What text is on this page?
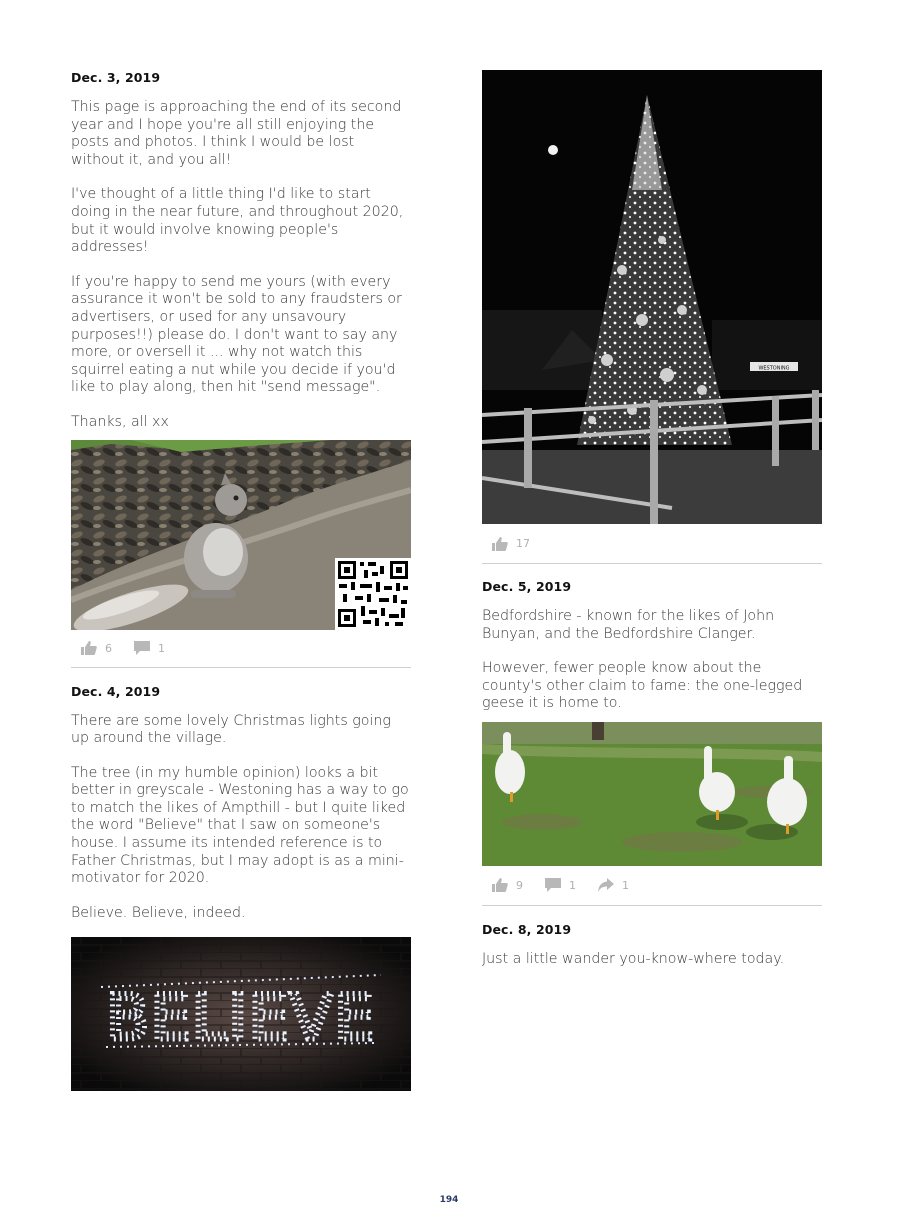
Dec. 3, 2019

This page is approaching the end of its second year and I hope you're all still enjoying the posts and photos. I think I would be lost without it, and you all!

I've thought of a little thing I'd like to start doing in the near future, and throughout 2020, but it would involve knowing people's addresses!

If you're happy to send me yours (with every assurance it won't be sold to any fraudsters or advertisers, or used for any unsavoury purposes!!) please do. I don't want to say any more, or oversell it ... why not watch this squirrel eating a nut while you decide if you'd like to play along, then hit "send message".

Thanks, all xx

6	1
Dec. 4, 2019

There are some lovely Christmas lights going up around the village.

The tree (in my humble opinion) looks a bit better in greyscale - Westoning has a way to go to match the likes of Ampthill - but I quite liked the word "Believe" that I saw on someone's house. I assume its intended reference is to Father Christmas, but I may adopt is as a mini-motivator for 2020.

Believe. Believe, indeed.

BELIEVE
WESTONING
17
Dec. 5, 2019

Bedfordshire - known for the likes of John Bunyan, and the Bedfordshire Clanger.

However, fewer people know about the county's other claim to fame: the one-legged geese it is home to.

9	1	1
Dec. 8, 2019

Just a little wander you-know-where today.

194
